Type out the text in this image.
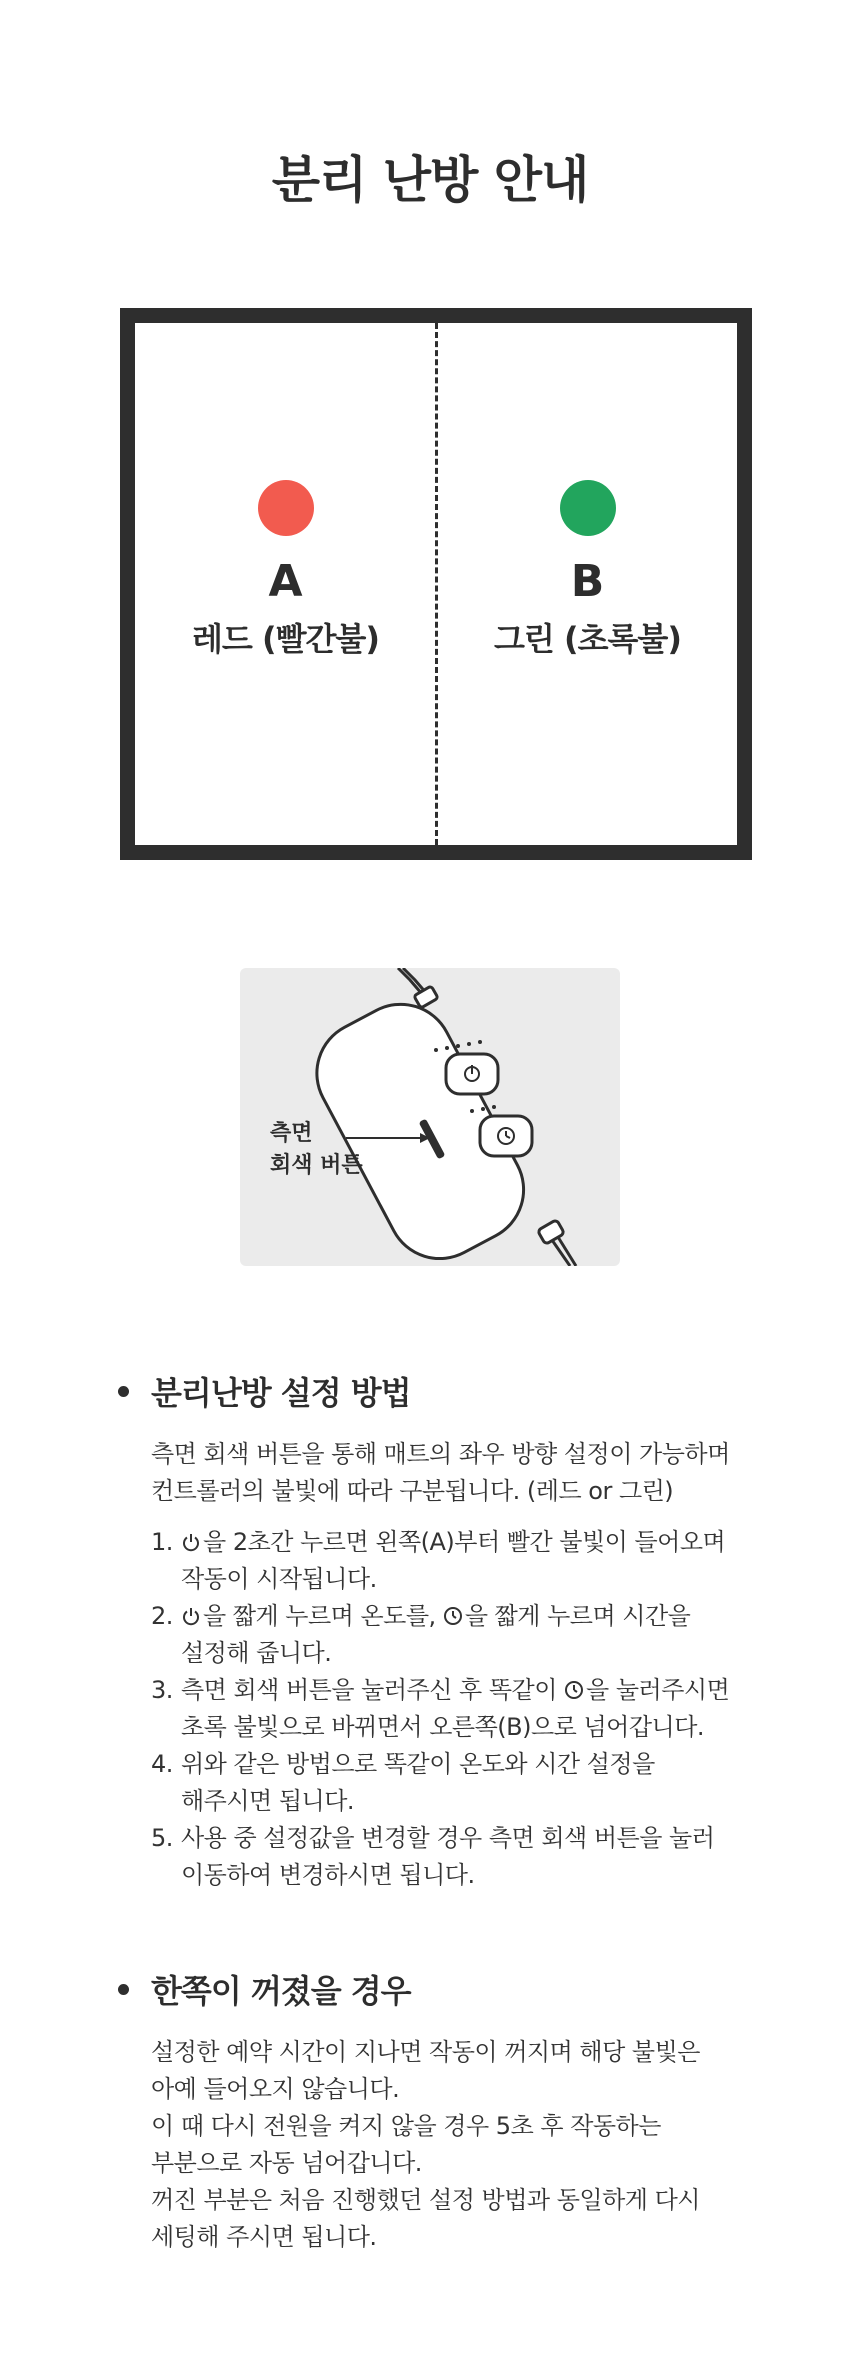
분리 난방 안내
A
레드 (빨간불)
B
그린 (초록불)
측면
회색 버튼
분리난방 설정 방법
측면 회색 버튼을 통해 매트의 좌우 방향 설정이 가능하며
컨트롤러의 불빛에 따라 구분됩니다. (레드 or 그린)
1.	을 2초간 누르면 왼쪽(A)부터 빨간 불빛이 들어오며
작동이 시작됩니다.
2.	을 짧게 누르며 온도를, 을 짧게 누르며 시간을
설정해 줍니다.
3. 측면 회색 버튼을 눌러주신 후 똑같이 을 눌러주시면
초록 불빛으로 바뀌면서 오른쪽(B)으로 넘어갑니다.
4. 위와 같은 방법으로 똑같이 온도와 시간 설정을
해주시면 됩니다.
5. 사용 중 설정값을 변경할 경우 측면 회색 버튼을 눌러
이동하여 변경하시면 됩니다.
한쪽이 꺼졌을 경우
설정한 예약 시간이 지나면 작동이 꺼지며 해당 불빛은
아예 들어오지 않습니다.
이 때 다시 전원을 켜지 않을 경우 5초 후 작동하는
부분으로 자동 넘어갑니다.
꺼진 부분은 처음 진행했던 설정 방법과 동일하게 다시
세팅해 주시면 됩니다.
